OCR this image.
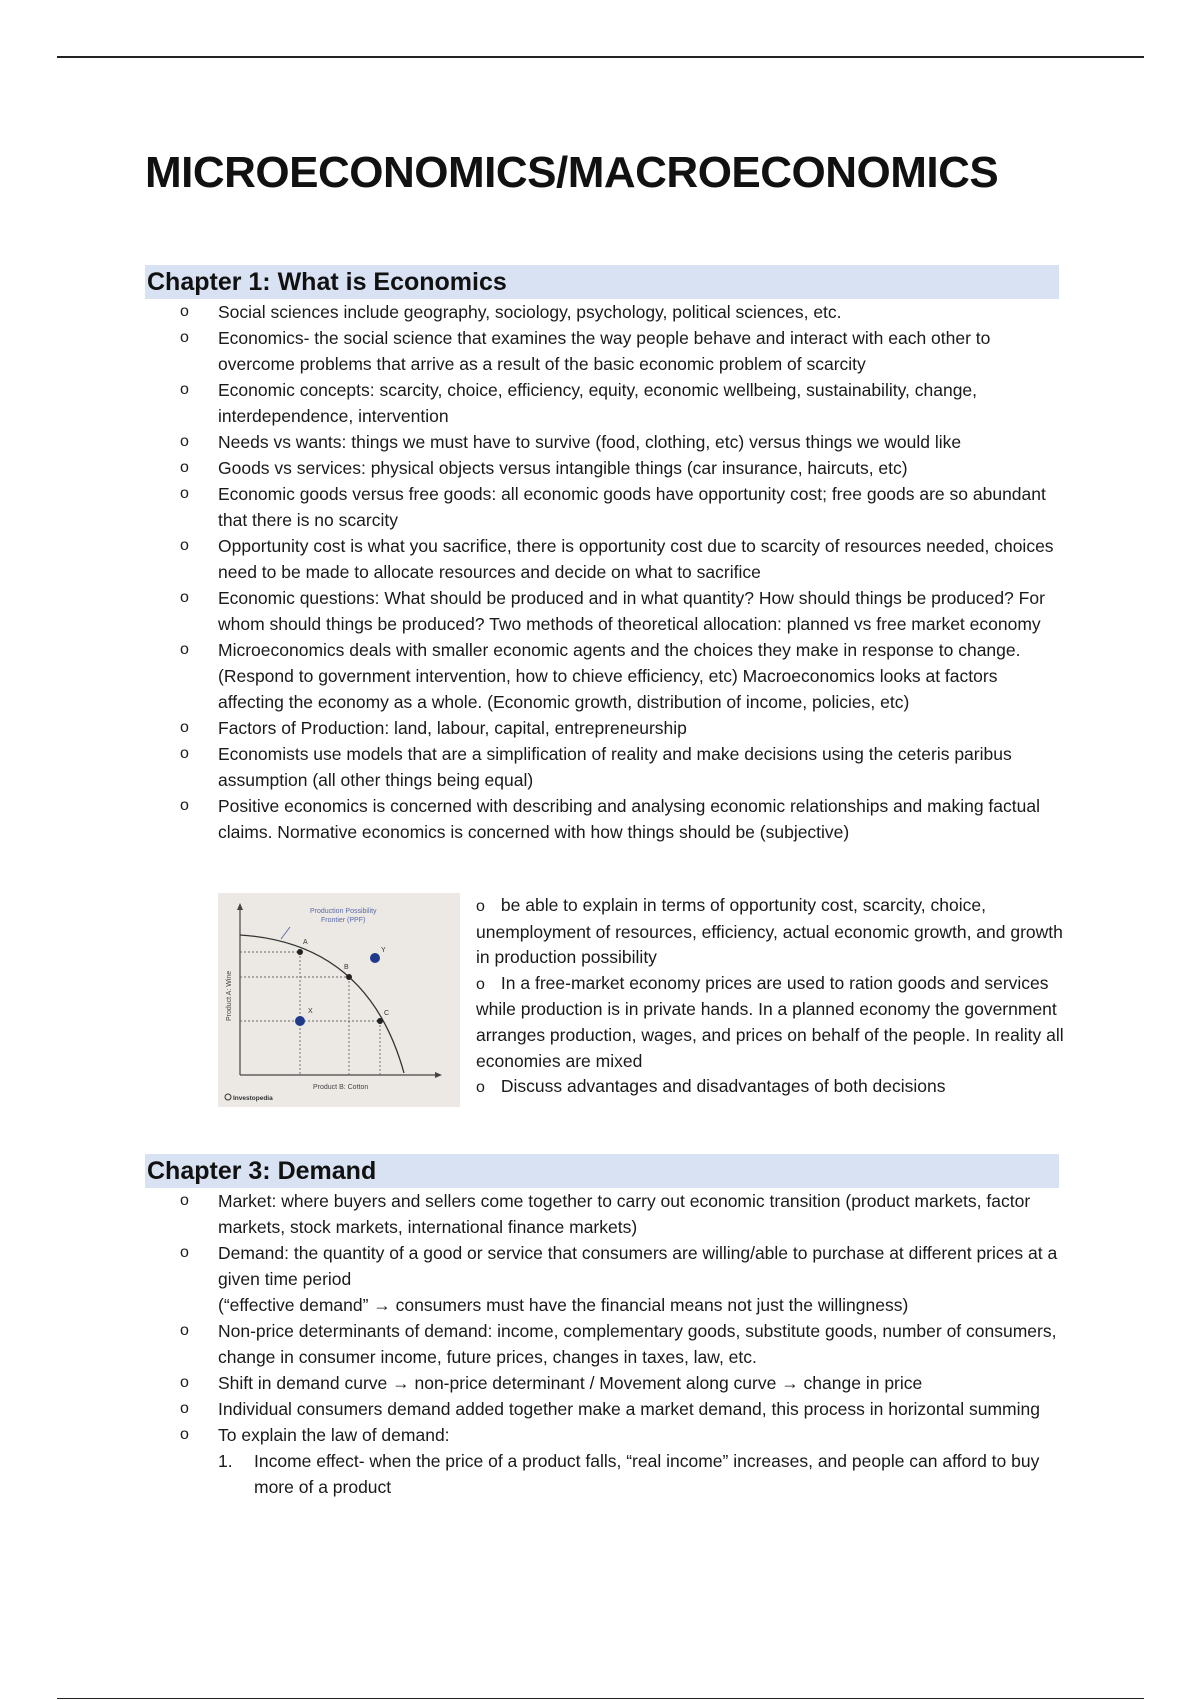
MICROECONOMICS/MACROECONOMICS
Chapter 1: What is Economics
o Social sciences include geography, sociology, psychology, political sciences, etc.
o Economics- the social science that examines the way people behave and interact with each other to overcome problems that arrive as a result of the basic economic problem of scarcity
o Economic concepts: scarcity, choice, efficiency, equity, economic wellbeing, sustainability, change, interdependence, intervention
o Needs vs wants: things we must have to survive (food, clothing, etc) versus things we would like
o Goods vs services: physical objects versus intangible things (car insurance, haircuts, etc)
o Economic goods versus free goods: all economic goods have opportunity cost; free goods are so abundant that there is no scarcity
o Opportunity cost is what you sacrifice, there is opportunity cost due to scarcity of resources needed, choices need to be made to allocate resources and decide on what to sacrifice
o Economic questions: What should be produced and in what quantity? How should things be produced? For whom should things be produced? Two methods of theoretical allocation: planned vs free market economy
o Microeconomics deals with smaller economic agents and the choices they make in response to change. (Respond to government intervention, how to chieve efficiency, etc) Macroeconomics looks at factors affecting the economy as a whole. (Economic growth, distribution of income, policies, etc)
o Factors of Production: land, labour, capital, entrepreneurship
o Economists use models that are a simplification of reality and make decisions using the ceteris paribus assumption (all other things being equal)
o Positive economics is concerned with describing and analysing economic relationships and making factual claims. Normative economics is concerned with how things should be (subjective)
Production Possibility
Frontier (PPF)
A
B
X
Y
C
Product A: Wine
Product B: Cotton
Investopedia

o be able to explain in terms of opportunity cost, scarcity, choice, unemployment of resources, efficiency, actual economic growth, and growth in production possibility

o In a free-market economy prices are used to ration goods and services while production is in private hands. In a planned economy the government arranges production, wages, and prices on behalf of the people. In reality all economies are mixed

o Discuss advantages and disadvantages of both decisions

Chapter 3: Demand
o Market: where buyers and sellers come together to carry out economic transition (product markets, factor markets, stock markets, international finance markets)
o Demand: the quantity of a good or service that consumers are willing/able to purchase at different prices at a given time period
(“effective demand” → consumers must have the financial means not just the willingness)
o Non-price determinants of demand: income, complementary goods, substitute goods, number of consumers, change in consumer income, future prices, changes in taxes, law, etc.
o Shift in demand curve → non-price determinant / Movement along curve → change in price
o Individual consumers demand added together make a market demand, this process in horizontal summing
o To explain the law of demand:
1. Income effect- when the price of a product falls, “real income” increases, and people can afford to buy more of a product
